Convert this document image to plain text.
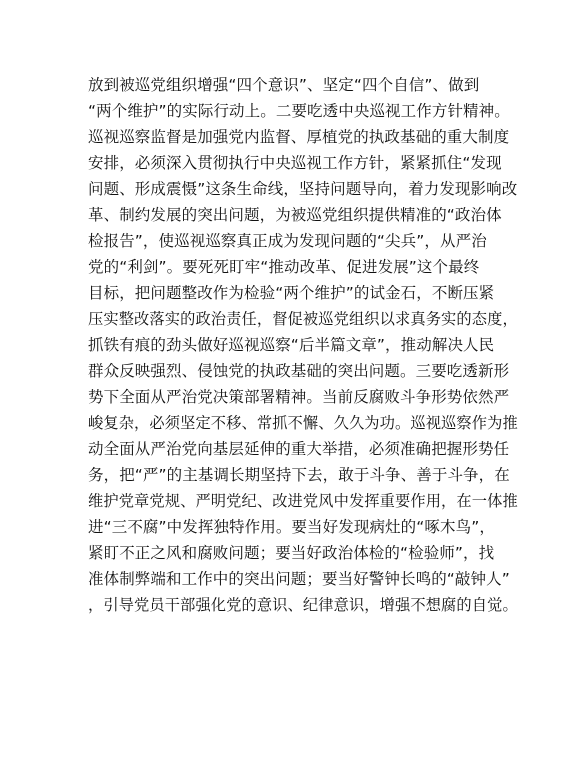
放到被巡党组织增强“四个意识”、坚定“四个自信”、做到
“两个维护”的实际行动上。二要吃透中央巡视工作方针精神。
巡视巡察监督是加强党内监督、厚植党的执政基础的重大制度
安排，必须深入贯彻执行中央巡视工作方针，紧紧抓住“发现
问题、形成震慑”这条生命线，坚持问题导向，着力发现影响改
革、制约发展的突出问题，为被巡党组织提供精准的“政治体
检报告”，使巡视巡察真正成为发现问题的“尖兵”，从严治
党的“利剑”。要死死盯牢“推动改革、促进发展”这个最终
目标，把问题整改作为检验“两个维护”的试金石，不断压紧
压实整改落实的政治责任，督促被巡党组织以求真务实的态度，
抓铁有痕的劲头做好巡视巡察“后半篇文章”，推动解决人民
群众反映强烈、侵蚀党的执政基础的突出问题。三要吃透新形
势下全面从严治党决策部署精神。当前反腐败斗争形势依然严
峻复杂，必须坚定不移、常抓不懈、久久为功。巡视巡察作为推
动全面从严治党向基层延伸的重大举措，必须准确把握形势任
务，把“严”的主基调长期坚持下去，敢于斗争、善于斗争，在
维护党章党规、严明党纪、改进党风中发挥重要作用，在一体推
进“三不腐”中发挥独特作用。要当好发现病灶的“啄木鸟”，
紧盯不正之风和腐败问题；要当好政治体检的“检验师”，找
准体制弊端和工作中的突出问题；要当好警钟长鸣的“敲钟人”
，引导党员干部强化党的意识、纪律意识，增强不想腐的自觉。
